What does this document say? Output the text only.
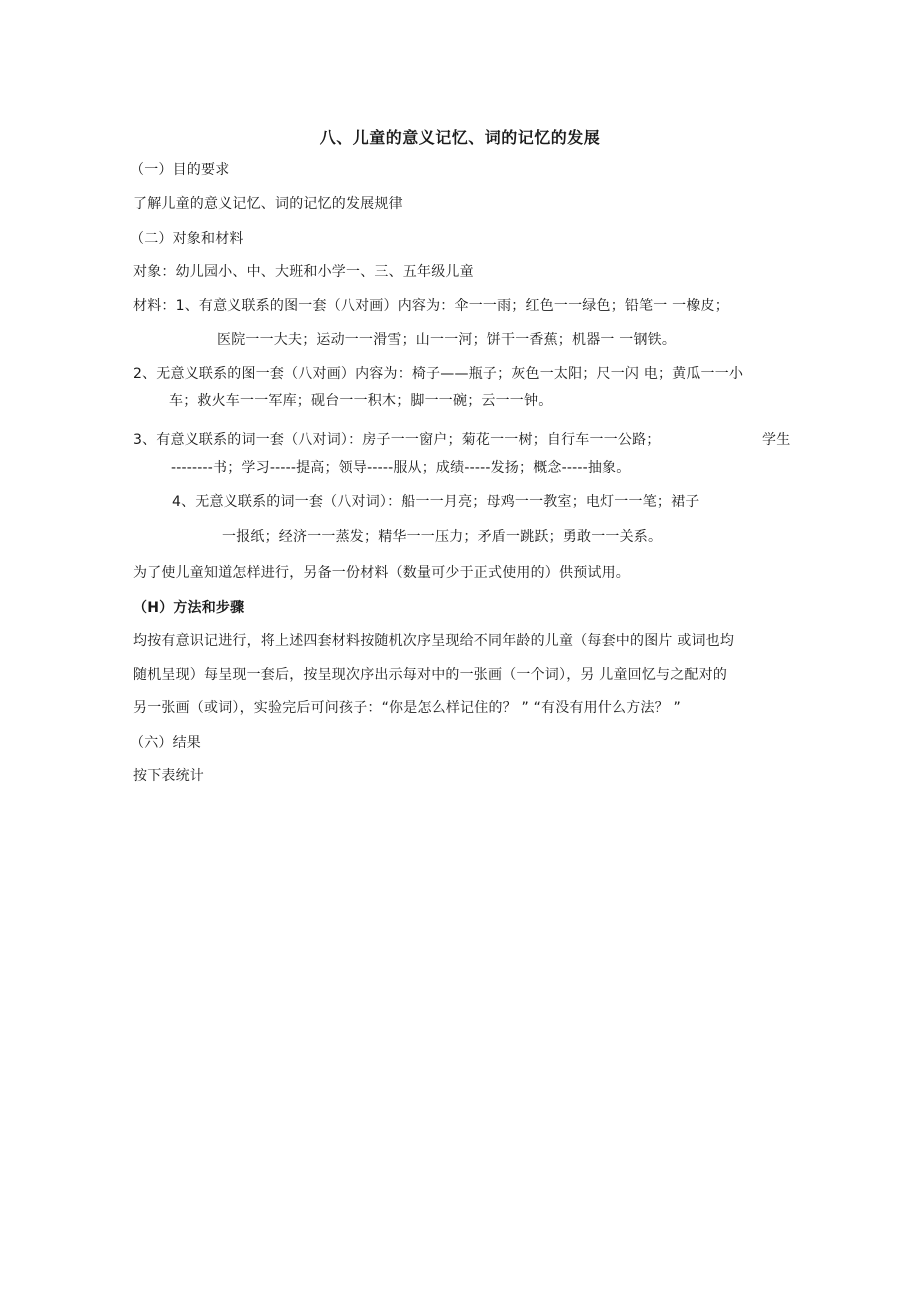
八、儿童的意义记忆、词的记忆的发展
（一）目的要求
了解儿童的意义记忆、词的记忆的发展规律
（二）对象和材料
对象：幼儿园小、中、大班和小学一、三、五年级儿童
材料：1、有意义联系的图一套（八对画）内容为：伞一一雨；红色一一绿色；铅笔一 一橡皮；
医院一一大夫；运动一一滑雪；山一一河；饼干一香蕉；机器一 一钢铁。
2、无意义联系的图一套（八对画）内容为：椅子——瓶子；灰色一太阳；尺一闪 电；黄瓜一一小
车；救火车一一军库；砚台一一积木；脚一一碗；云一一钟。
3、有意义联系的词一套（八对词）：房子一一窗户；菊花一一树；自行车一一公路；	学生
--------书；学习-----提高；领导-----服从；成绩-----发扬；概念-----抽象。
4、无意义联系的词一套（八对词）：船一一月亮；母鸡一一教室；电灯一一笔；裙子
一报纸；经济一一蒸发；精华一一压力；矛盾一跳跃；勇敢一一关系。
为了使儿童知道怎样进行，另备一份材料（数量可少于正式使用的）供预试用。
（H）方法和步骤
均按有意识记进行，将上述四套材料按随机次序呈现给不同年龄的儿童（每套中的图片 或词也均
随机呈现）每呈现一套后，按呈现次序出示每对中的一张画（一个词），另 儿童回忆与之配对的
另一张画（或词），实验完后可问孩子：“你是怎么样记住的？ ” “有没有用什么方法？ ”
（六）结果
按下表统计
